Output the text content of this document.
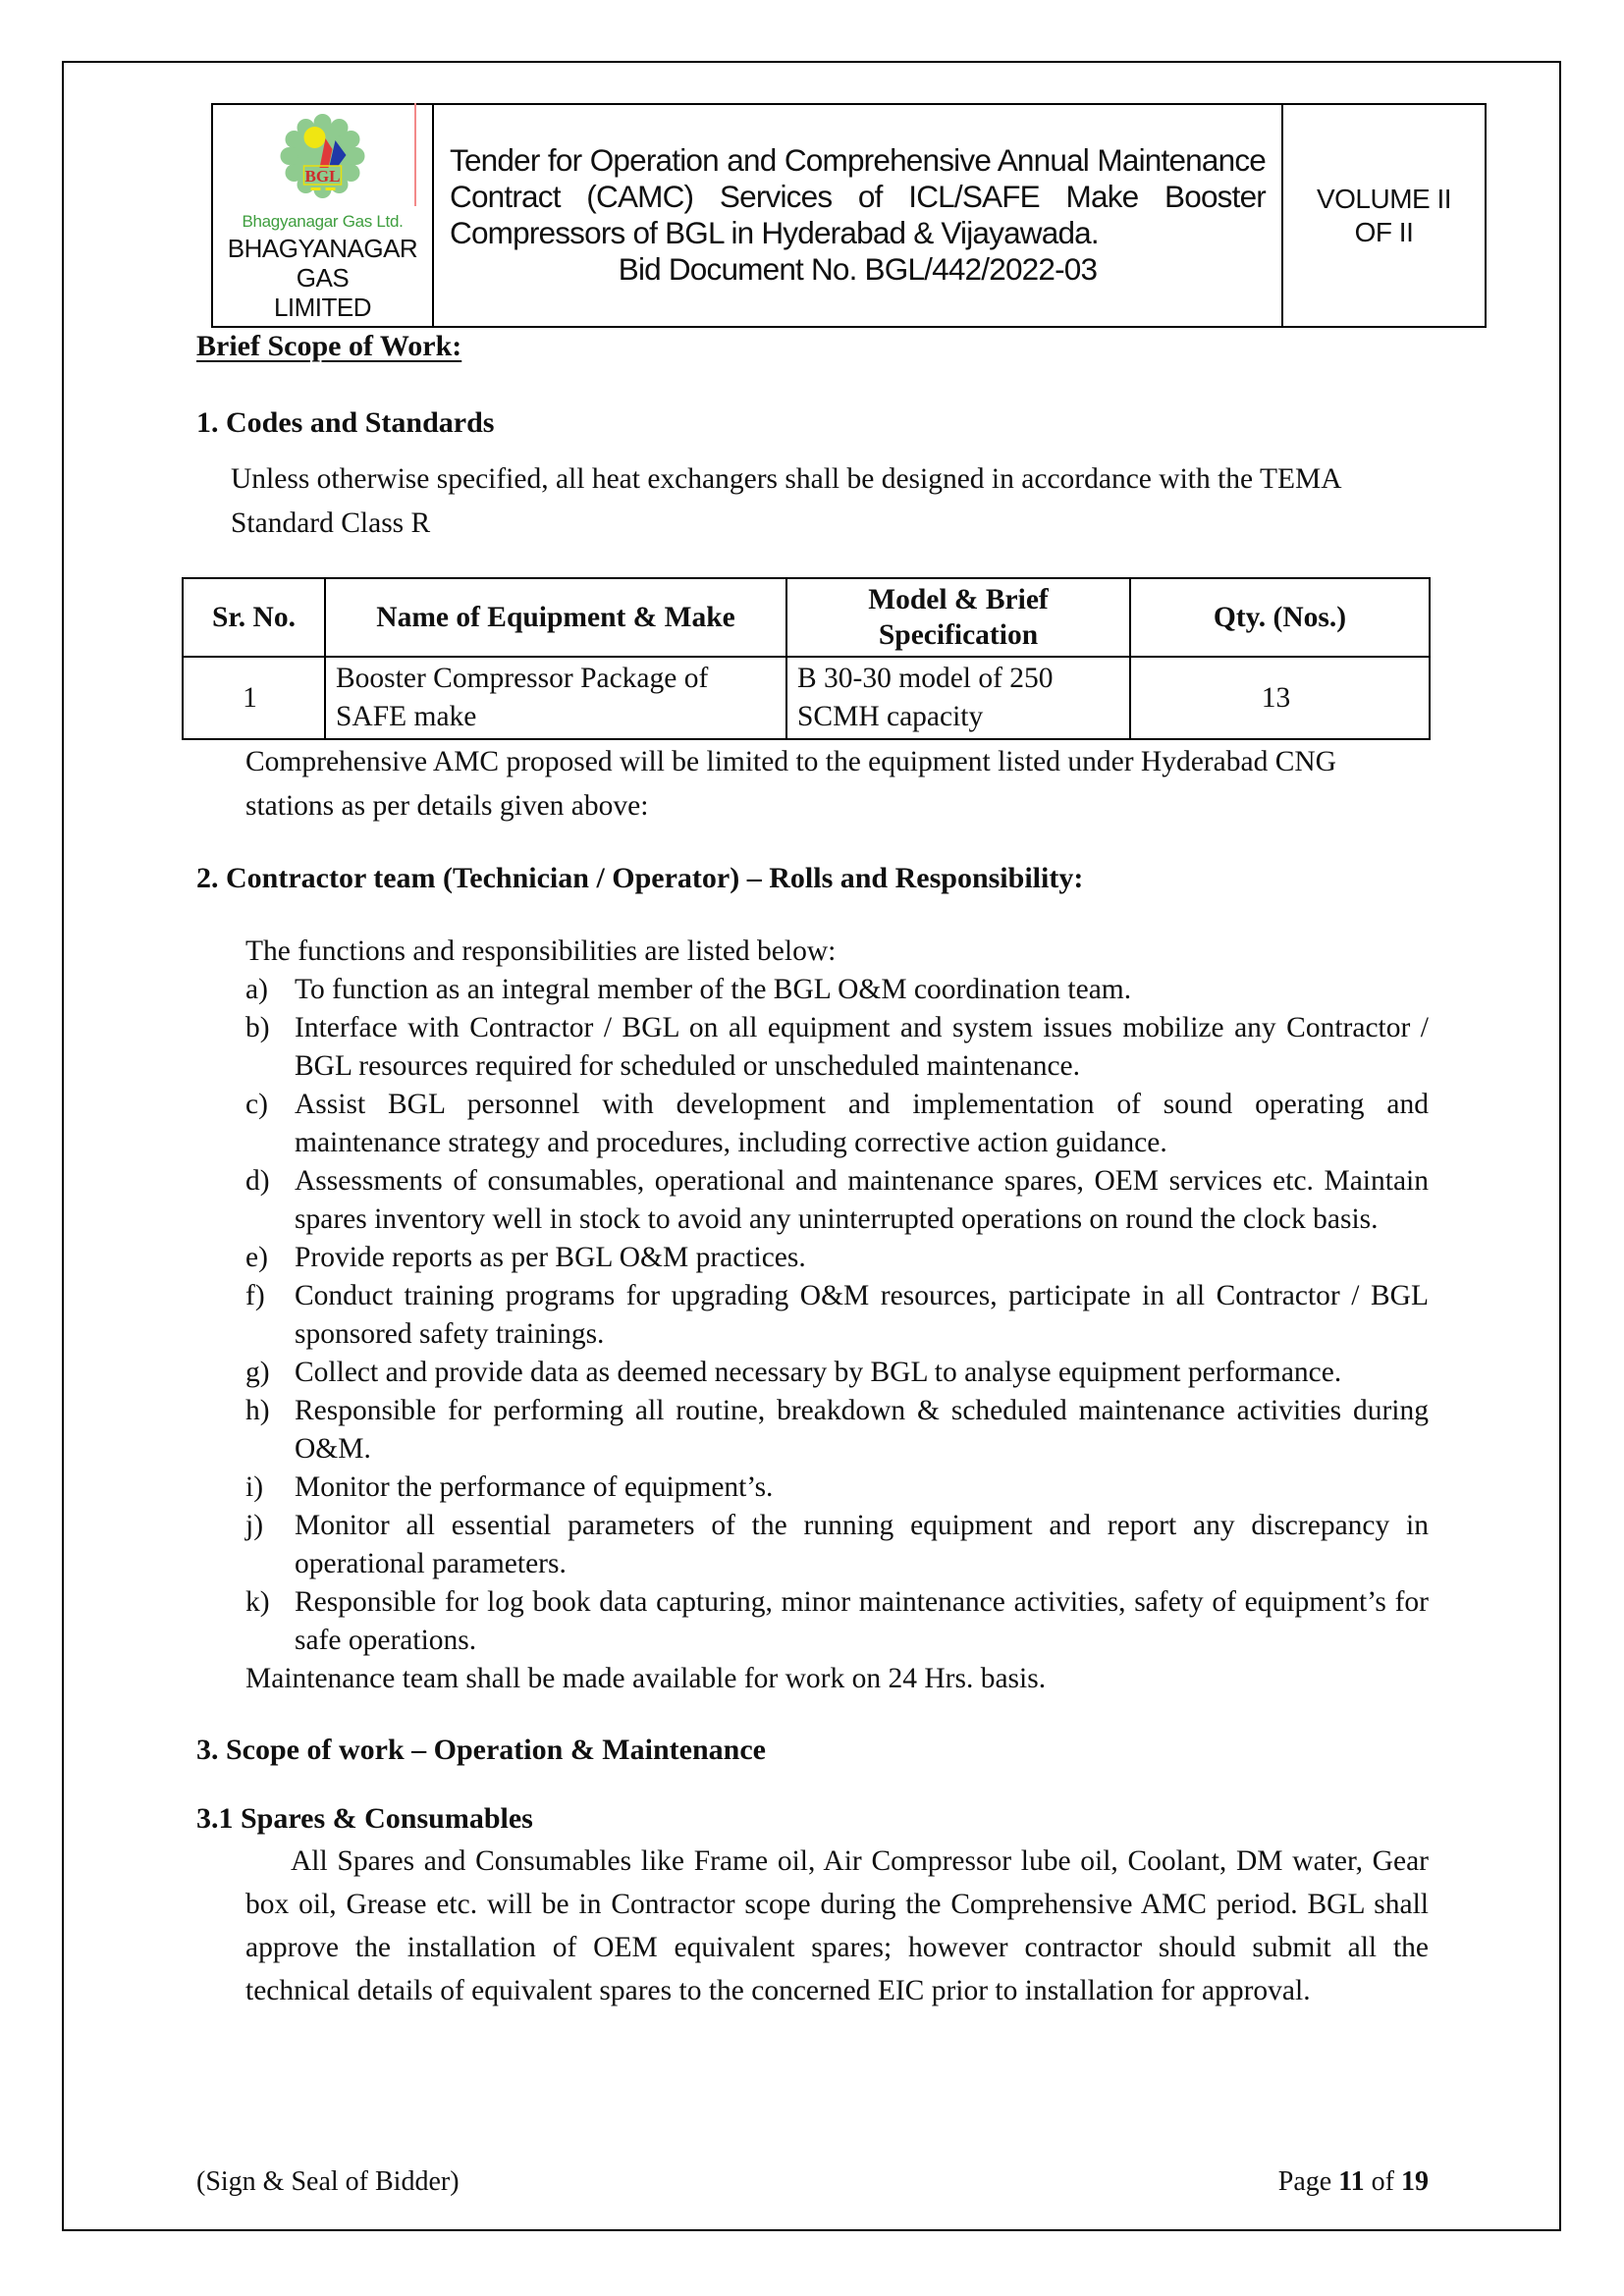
BGL
Bhagyanagar Gas Ltd.
BHAGYANAGAR GAS
LIMITED

Tender for Operation and Comprehensive Annual Maintenance Contract (CAMC) Services of ICL/SAFE Make Booster Compressors of BGL in Hyderabad & Vijayawada.
Bid Document No. BGL/442/2022-03
	VOLUME II
OF II
Brief Scope of Work:
1. Codes and Standards

Unless otherwise specified, all heat exchangers shall be designed in accordance with the TEMA Standard Class R

Sr. No.	Name of Equipment & Make	Model & Brief Specification	Qty. (Nos.)
1	Booster Compressor Package of SAFE make	B 30-30 model of 250 SCMH capacity	13

Comprehensive AMC proposed will be limited to the equipment listed under Hyderabad CNG stations as per details given above:

2. Contractor team (Technician / Operator) – Rolls and Responsibility:

The functions and responsibilities are listed below:

a) To function as an integral member of the BGL O&M coordination team.
b) Interface with Contractor / BGL on all equipment and system issues mobilize any Contractor / BGL resources required for scheduled or unscheduled maintenance.
c) Assist BGL personnel with development and implementation of sound operating and maintenance strategy and procedures, including corrective action guidance.
d) Assessments of consumables, operational and maintenance spares, OEM services etc. Maintain spares inventory well in stock to avoid any uninterrupted operations on round the clock basis.
e) Provide reports as per BGL O&M practices.
f)	Conduct training programs for upgrading O&M resources, participate in all Contractor / BGL sponsored safety trainings.
g) Collect and provide data as deemed necessary by BGL to analyse equipment performance.
h) Responsible for performing all routine, breakdown & scheduled maintenance activities during O&M.
i)	Monitor the performance of equipment’s.
j)	Monitor all essential parameters of the running equipment and report any discrepancy in operational parameters.
k) Responsible for log book data capturing, minor maintenance activities, safety of equipment’s for safe operations.

Maintenance team shall be made available for work on 24 Hrs. basis.

3. Scope of work – Operation & Maintenance
3.1 Spares & Consumables

All Spares and Consumables like Frame oil, Air Compressor lube oil, Coolant, DM water, Gear box oil, Grease etc. will be in Contractor scope during the Comprehensive AMC period. BGL shall approve the installation of OEM equivalent spares; however contractor should submit all the technical details of equivalent spares to the concerned EIC prior to installation for approval.

(Sign & Seal of Bidder)	Page 11 of 19
